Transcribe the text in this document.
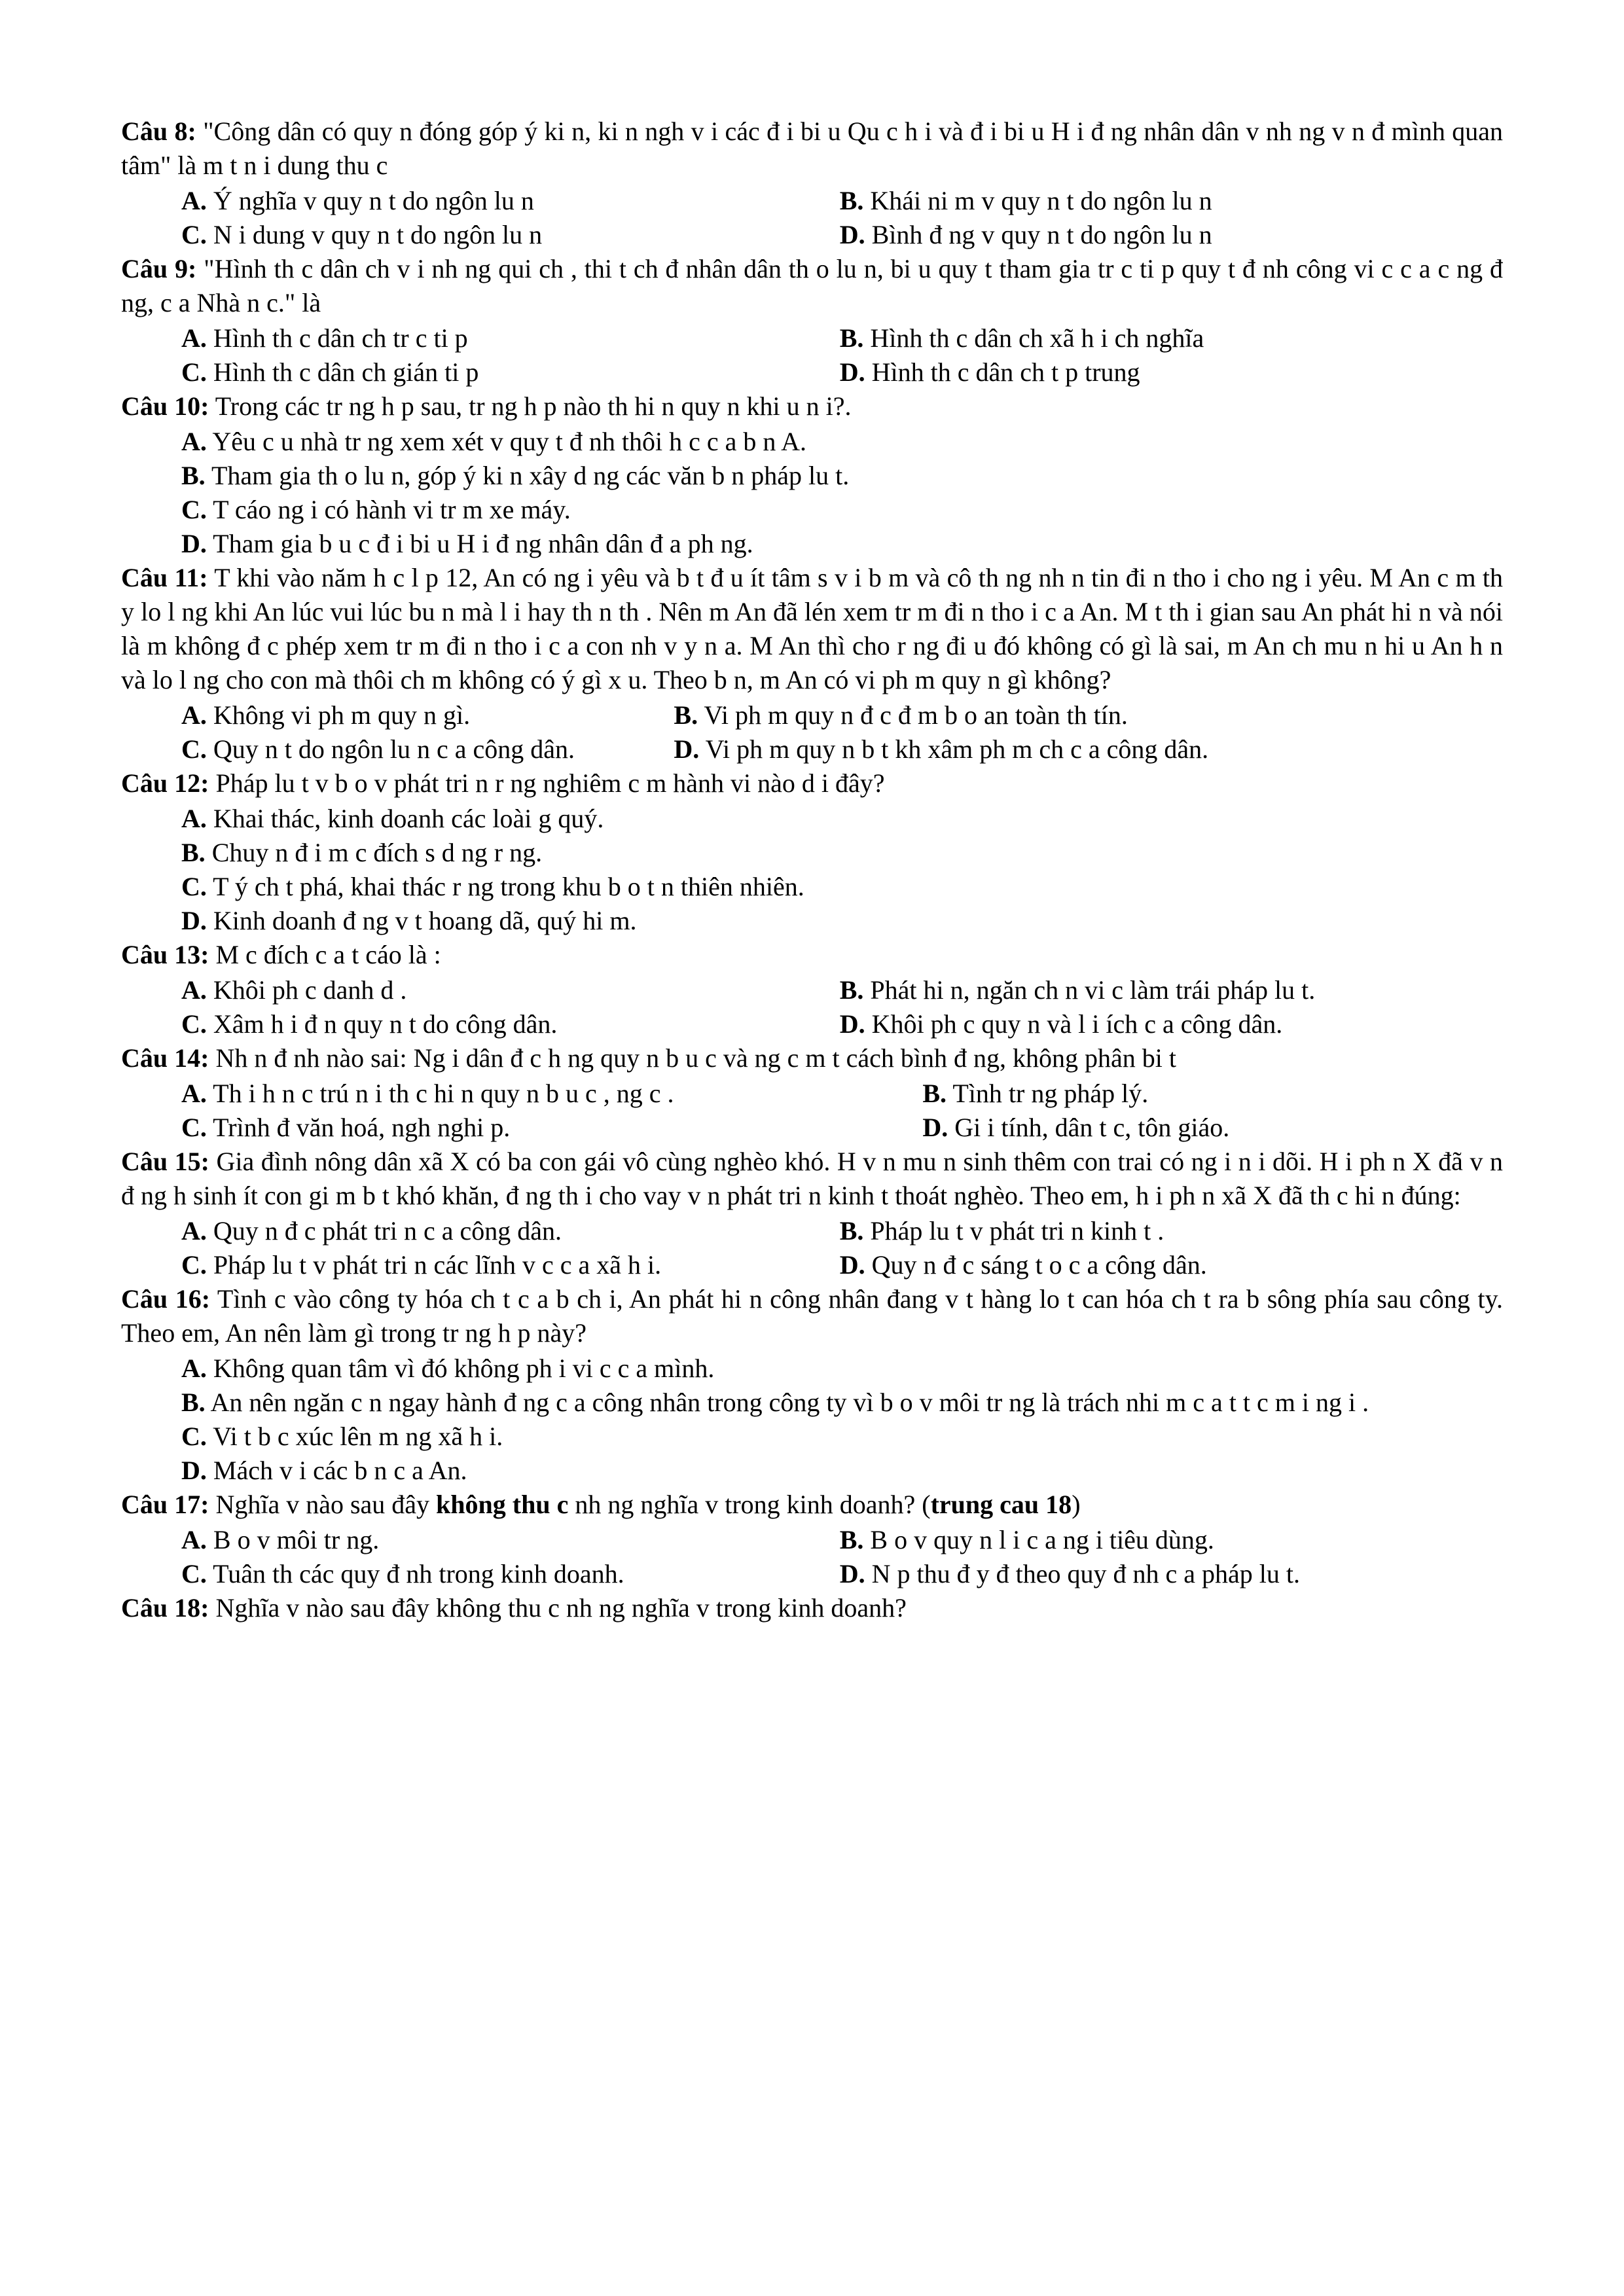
Câu 8: "Công dân có quy n đóng góp ý ki n, ki n ngh v i các đ i bi u Qu c h i và đ i bi u H i đ ng nhân dân v nh ng v n đ mình quan tâm" là m t n i dung thu c

A. Ý nghĩa v quy n t do ngôn lu n	B. Khái ni m v quy n t do ngôn lu n
C. N i dung v quy n t do ngôn lu n	D. Bình đ ng v quy n t do ngôn lu n

Câu 9: "Hình th c dân ch v i nh ng qui ch , thi t ch đ nhân dân th o lu n, bi u quy t tham gia tr c ti p quy t đ nh công vi c c a c ng đ ng, c a Nhà n c." là

A. Hình th c dân ch tr c ti p	B. Hình th c dân ch xã h i ch nghĩa
C. Hình th c dân ch gián ti p	D. Hình th c dân ch t p trung

Câu 10: Trong các tr ng h p sau, tr ng h p nào th hi n quy n khi u n i?.

A. Yêu c u nhà tr ng xem xét v quy t đ nh thôi h c c a b n A.
B. Tham gia th o lu n, góp ý ki n xây d ng các văn b n pháp lu t.
C. T cáo ng i có hành vi tr m xe máy.
D. Tham gia b u c đ i bi u H i đ ng nhân dân đ a ph ng.

Câu 11: T khi vào năm h c l p 12, An có ng i yêu và b t đ u ít tâm s v i b m và cô th ng nh n tin đi n tho i cho ng i yêu. M An c m th y lo l ng khi An lúc vui lúc bu n mà l i hay th n th . Nên m An đã lén xem tr m đi n tho i c a An. M t th i gian sau An phát hi n và nói là m không đ c phép xem tr m đi n tho i c a con nh v y n a. M An thì cho r ng đi u đó không có gì là sai, m An ch mu n hi u An h n và lo l ng cho con mà thôi ch m không có ý gì x u. Theo b n, m An có vi ph m quy n gì không?

A. Không vi ph m quy n gì.	B. Vi ph m quy n đ c đ m b o an toàn th tín.
C. Quy n t do ngôn lu n c a công dân.	D. Vi ph m quy n b t kh xâm ph m ch c a công dân.

Câu 12: Pháp lu t v b o v phát tri n r ng nghiêm c m hành vi nào d i đây?

A. Khai thác, kinh doanh các loài g quý.
B. Chuy n đ i m c đích s d ng r ng.
C. T ý ch t phá, khai thác r ng trong khu b o t n thiên nhiên.
D. Kinh doanh đ ng v t hoang dã, quý hi m.

Câu 13: M c đích c a t cáo là :

A. Khôi ph c danh d .	B. Phát hi n, ngăn ch n vi c làm trái pháp lu t.
C. Xâm h i đ n quy n t do công dân.	D. Khôi ph c quy n và l i ích c a công dân.

Câu 14: Nh n đ nh nào sai: Ng i dân đ c h ng quy n b u c và ng c m t cách bình đ ng, không phân bi t

A. Th i h n c trú n i th c hi n quy n b u c , ng c .	B. Tình tr ng pháp lý.
C. Trình đ văn hoá, ngh nghi p.	D. Gi i tính, dân t c, tôn giáo.

Câu 15: Gia đình nông dân xã X có ba con gái vô cùng nghèo khó. H v n mu n sinh thêm con trai có ng i n i dõi. H i ph n X đã v n đ ng h sinh ít con gi m b t khó khăn, đ ng th i cho vay v n phát tri n kinh t thoát nghèo. Theo em, h i ph n xã X đã th c hi n đúng:

A. Quy n đ c phát tri n c a công dân.	B. Pháp lu t v phát tri n kinh t .
C. Pháp lu t v phát tri n các lĩnh v c c a xã h i.	D. Quy n đ c sáng t o c a công dân.

Câu 16: Tình c vào công ty hóa ch t c a b ch i, An phát hi n công nhân đang v t hàng lo t can hóa ch t ra b sông phía sau công ty. Theo em, An nên làm gì trong tr ng h p này?

A. Không quan tâm vì đó không ph i vi c c a mình.
B. An nên ngăn c n ngay hành đ ng c a công nhân trong công ty vì b o v môi tr ng là trách nhi m c a t t c m i ng i .
C. Vi t b c xúc lên m ng xã h i.
D. Mách v i các b n c a An.

Câu 17: Nghĩa v nào sau đây không thu c nh ng nghĩa v trong kinh doanh? (trung cau 18)

A. B o v môi tr ng.	B. B o v quy n l i c a ng i tiêu dùng.
C. Tuân th các quy đ nh trong kinh doanh.	D. N p thu đ y đ theo quy đ nh c a pháp lu t.

Câu 18: Nghĩa v nào sau đây không thu c nh ng nghĩa v trong kinh doanh?
